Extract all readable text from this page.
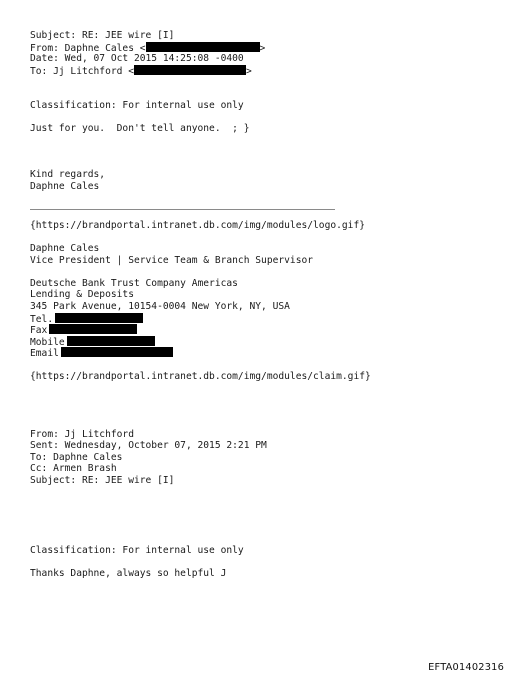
Subject: RE: JEE wire [I]
From: Daphne Cales <	>
Date: Wed, 07 Oct 2015 14:25:08 -0400
To: Jj Litchford <	>
Classification: For internal use only
Just for you.  Don't tell anyone.  ; }
Kind regards,
Daphne Cales
{https://brandportal.intranet.db.com/img/modules/logo.gif}
Daphne Cales
Vice President | Service Team & Branch Supervisor
Deutsche Bank Trust Company Americas
Lending & Deposits
345 Park Avenue, 10154-0004 New York, NY, USA
Tel.
Fax
Mobile
Email
{https://brandportal.intranet.db.com/img/modules/claim.gif}
From: Jj Litchford
Sent: Wednesday, October 07, 2015 2:21 PM
To: Daphne Cales
Cc: Armen Brash
Subject: RE: JEE wire [I]
Classification: For internal use only
Thanks Daphne, always so helpful J
EFTA01402316
